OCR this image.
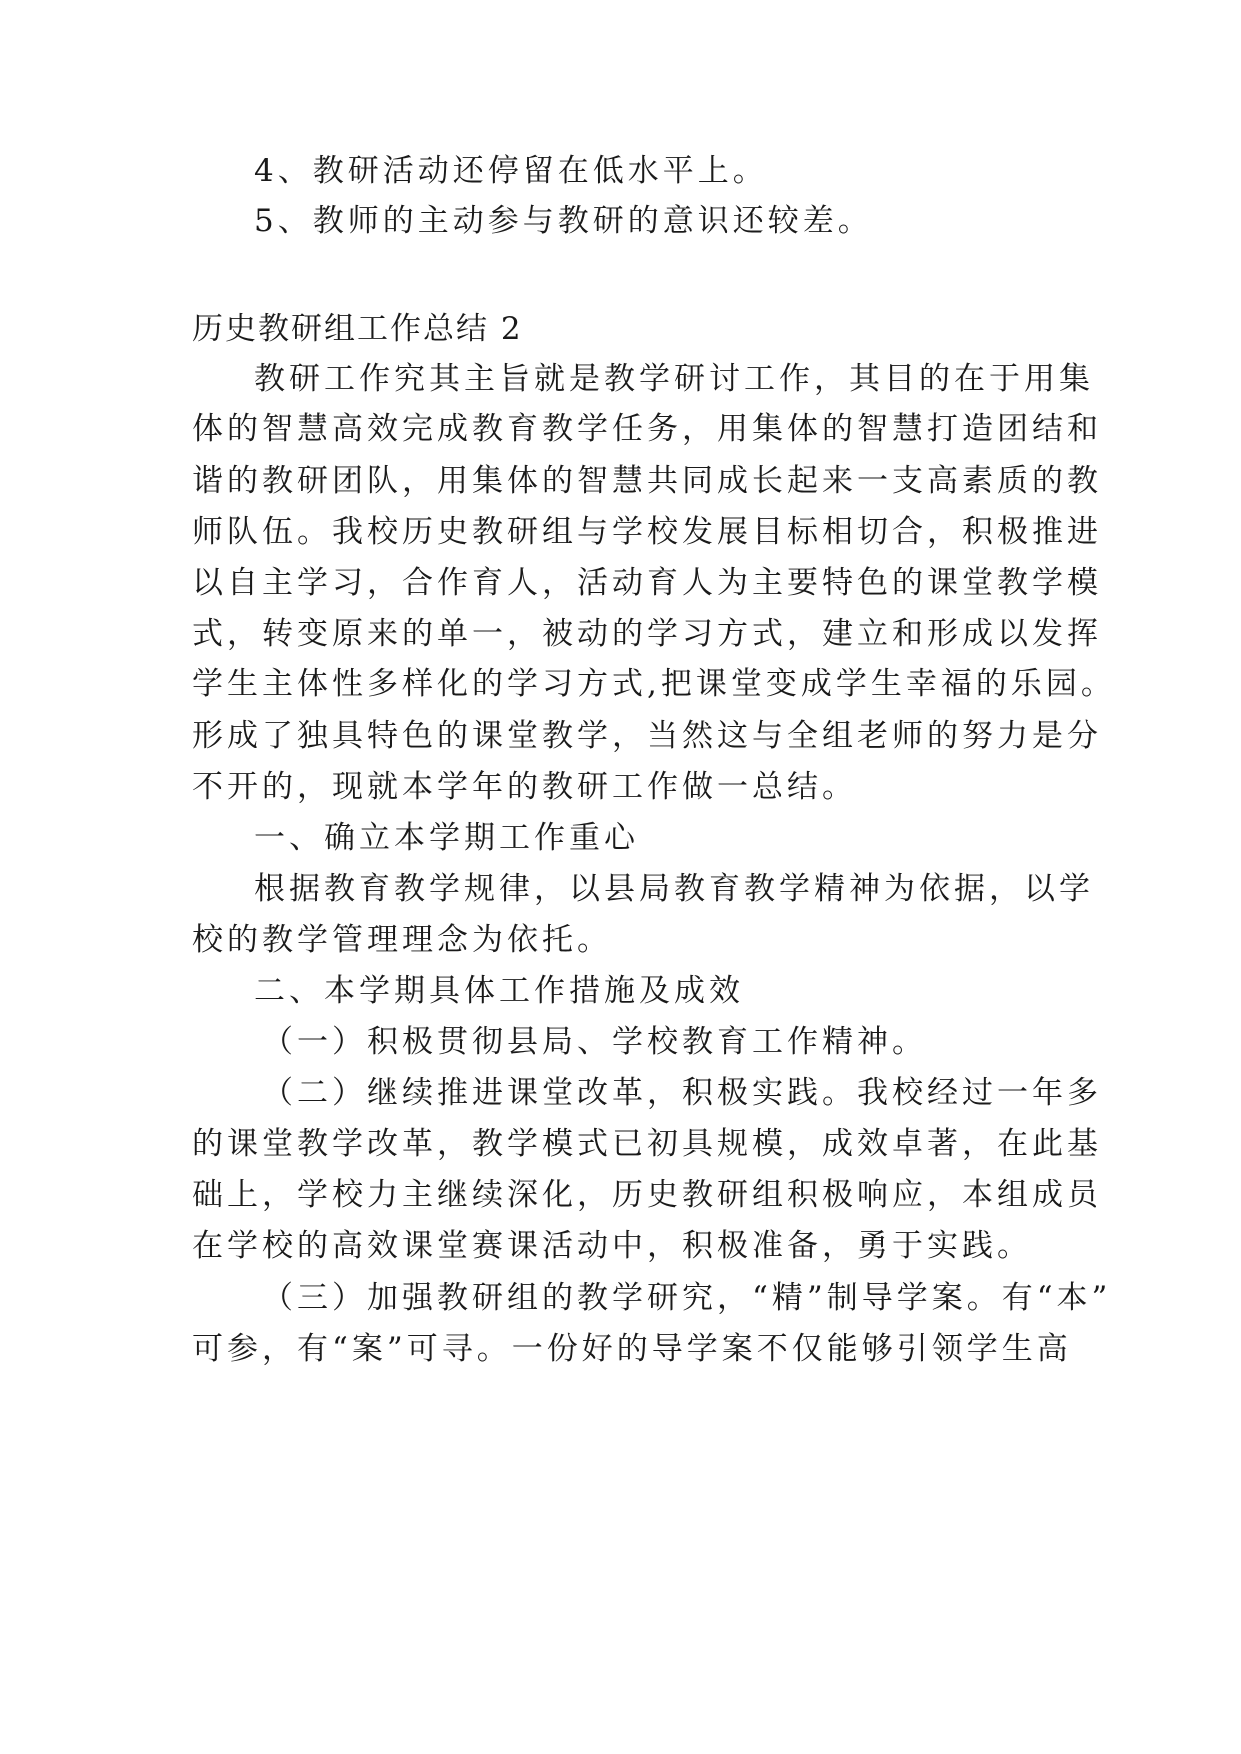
4、教研活动还停留在低水平上。
5、教师的主动参与教研的意识还较差。
历史教研组工作总结 2
教研工作究其主旨就是教学研讨工作，其目的在于用集
体的智慧高效完成教育教学任务，用集体的智慧打造团结和
谐的教研团队，用集体的智慧共同成长起来一支高素质的教
师队伍。我校历史教研组与学校发展目标相切合，积极推进
以自主学习，合作育人，活动育人为主要特色的课堂教学模
式，转变原来的单一，被动的学习方式，建立和形成以发挥
学生主体性多样化的学习方式,把课堂变成学生幸福的乐园。
形成了独具特色的课堂教学，当然这与全组老师的努力是分
不开的，现就本学年的教研工作做一总结。
一、确立本学期工作重心
根据教育教学规律，以县局教育教学精神为依据，以学
校的教学管理理念为依托。
二、本学期具体工作措施及成效
（一）积极贯彻县局、学校教育工作精神。
（二）继续推进课堂改革，积极实践。我校经过一年多
的课堂教学改革，教学模式已初具规模，成效卓著，在此基
础上，学校力主继续深化，历史教研组积极响应，本组成员
在学校的高效课堂赛课活动中，积极准备，勇于实践。
（三）加强教研组的教学研究，“精”制导学案。有“本”
可参，有“案”可寻。一份好的导学案不仅能够引领学生高
